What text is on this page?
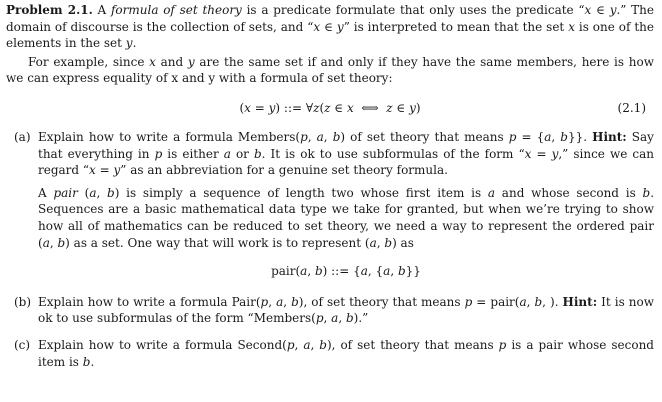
Problem 2.1. A formula of set theory is a predicate formulate that only uses the predicate “x ∈ y.” The domain of discourse is the collection of sets, and “x ∈ y” is interpreted to mean that the set x is one of the elements in the set y.

For example, since x and y are the same set if and only if they have the same members, here is how we can express equality of x and y with a formula of set theory:

(x = y) ::= ∀z(z ∈ x  ⟺  z ∈ y)	(2.1)
(a) Explain how to write a formula Members(p, a, b) of set theory that means p = {a, b}}. Hint: Say that everything in p is either a or b. It is ok to use subformulas of the form “x = y,” since we can regard “x = y” as an abbreviation for a genuine set theory formula.

A pair (a, b) is simply a sequence of length two whose first item is a and whose second is b. Sequences are a basic mathematical data type we take for granted, but when we’re trying to show how all of mathematics can be reduced to set theory, we need a way to represent the ordered pair (a, b) as a set. One way that will work is to represent (a, b) as

pair(a, b) ::= {a, {a, b}}
(b) Explain how to write a formula Pair(p, a, b), of set theory that means p = pair(a, b, ). Hint: It is now ok to use subformulas of the form “Members(p, a, b).”

(c) Explain how to write a formula Second(p, a, b), of set theory that means p is a pair whose second item is b.
